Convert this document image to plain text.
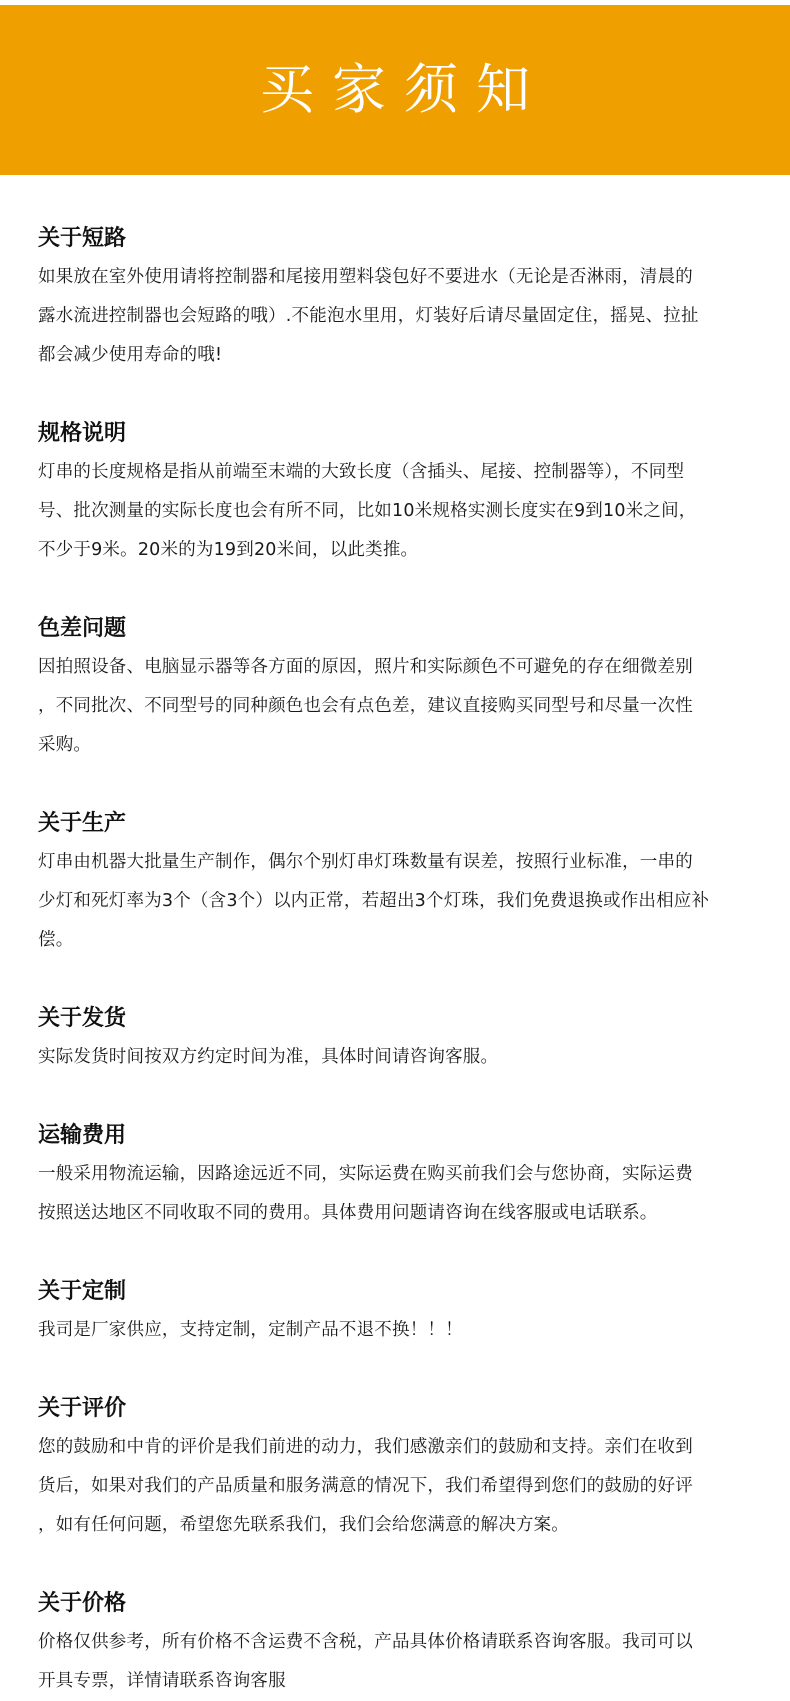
买家须知
关于短路
如果放在室外使用请将控制器和尾接用塑料袋包好不要进水（无论是否淋雨，清晨的
露水流进控制器也会短路的哦）.不能泡水里用，灯装好后请尽量固定住，摇晃、拉扯
都会减少使用寿命的哦!
规格说明
灯串的长度规格是指从前端至末端的大致长度（含插头、尾接、控制器等），不同型
号、批次测量的实际长度也会有所不同，比如10米规格实测长度实在9到10米之间，
不少于9米。20米的为19到20米间，以此类推。
色差问题
因拍照设备、电脑显示器等各方面的原因，照片和实际颜色不可避免的存在细微差别
，不同批次、不同型号的同种颜色也会有点色差，建议直接购买同型号和尽量一次性
采购。
关于生产
灯串由机器大批量生产制作，偶尔个别灯串灯珠数量有误差，按照行业标准，一串的
少灯和死灯率为3个（含3个）以内正常，若超出3个灯珠，我们免费退换或作出相应补
偿。
关于发货
实际发货时间按双方约定时间为准，具体时间请咨询客服。
运输费用
一般采用物流运输，因路途远近不同，实际运费在购买前我们会与您协商，实际运费
按照送达地区不同收取不同的费用。具体费用问题请咨询在线客服或电话联系。
关于定制
我司是厂家供应，支持定制，定制产品不退不换！！！
关于评价
您的鼓励和中肯的评价是我们前进的动力，我们感激亲们的鼓励和支持。亲们在收到
货后，如果对我们的产品质量和服务满意的情况下，我们希望得到您们的鼓励的好评
，如有任何问题，希望您先联系我们，我们会给您满意的解决方案。
关于价格
价格仅供参考，所有价格不含运费不含税，产品具体价格请联系咨询客服。我司可以
开具专票，详情请联系咨询客服
